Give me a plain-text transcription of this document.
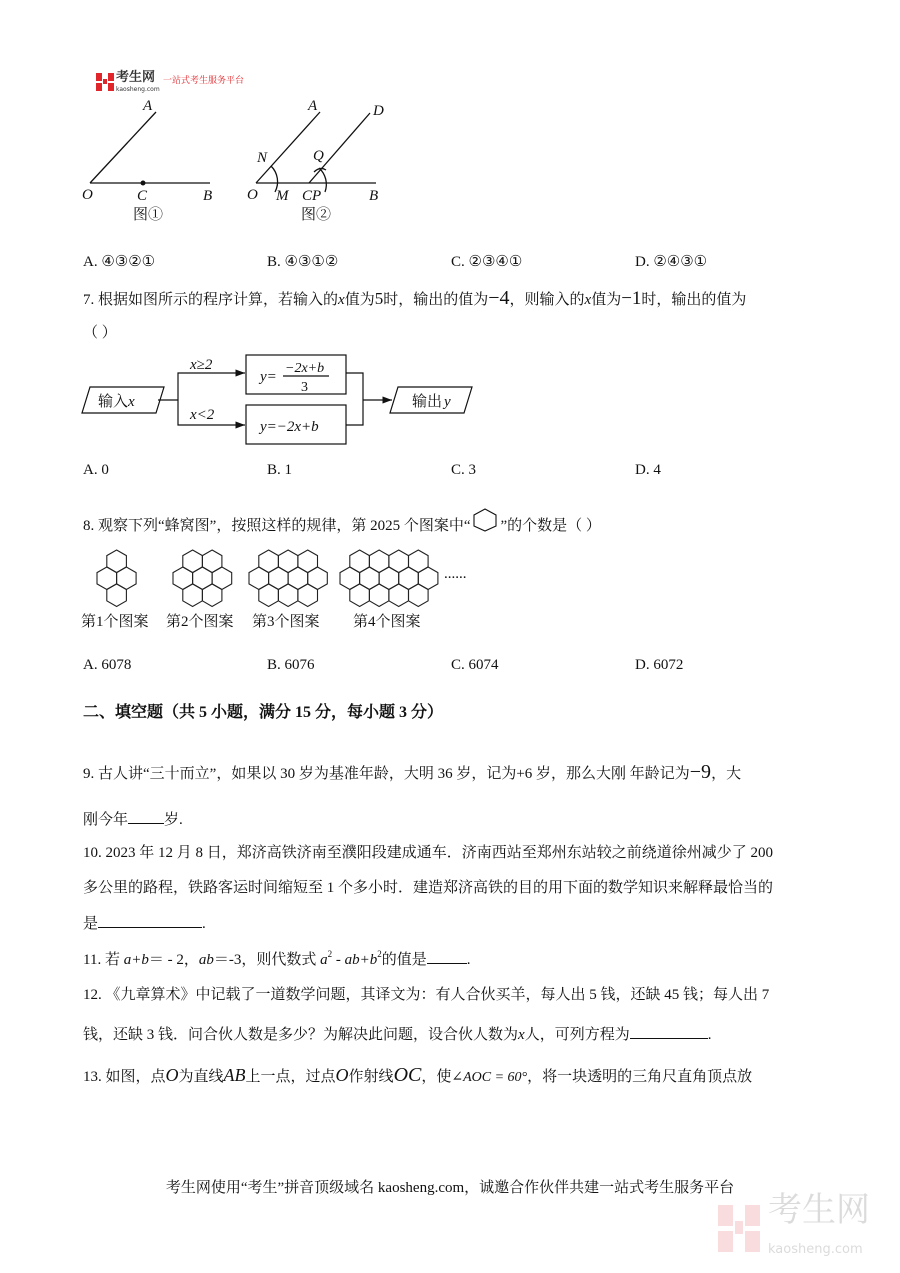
考生网
kaosheng.com
一站式考生服务平台
A
O	C	B
图①
A	D
N	Q
O M CP	B
图②
A. ④③②①	B. ④③①②	C. ②③④①	D. ②④③①
7. 根据如图所示的程序计算，若输入的x值为5时，输出的值为−4，则输入的x值为−1时，输出的值为
（ ）
输入 x
x≥2
x<2
y=
−2x+b
3
y=−2x+b
输出 y
A. 0	B. 1	C. 3	D. 4
8. 观察下列“蜂窝图”，按照这样的规律，第 2025 个图案中“ ”的个数是（ ）
......
第1个图案 第2个图案 第3个图案 第4个图案
A. 6078	B. 6076	C. 6074	D. 6072
二、填空题（共 5 小题，满分 15 分，每小题 3 分）
9. 古人讲“三十而立”，如果以 30 岁为基准年龄，大明 36 岁，记为+6 岁，那么大刚 年龄记为−9，大
刚今年 岁.
10. 2023 年 12 月 8 日，郑济高铁济南至濮阳段建成通车．济南西站至郑州东站较之前绕道徐州减少了 200
多公里的路程，铁路客运时间缩短至 1 个多小时．建造郑济高铁的目的用下面的数学知识来解释最恰当的
是	.
11. 若 a+b＝ - 2，ab＝-3，则代数式 $a^2 - ab+b^2$的值是	.
12. 《九章算术》中记载了一道数学问题，其译文为：有人合伙买羊，每人出 5 钱，还缺 45 钱；每人出 7
钱，还缺 3 钱．问合伙人数是多少？为解决此问题，设合伙人数为x人，可列方程为	.
13. 如图，点O为直线AB上一点，过点O作射线OC，使∠AOC = 60°，将一块透明的三角尺直角顶点放
考生网使用“考生”拼音顶级域名 kaosheng.com，诚邀合作伙伴共建一站式考生服务平台
考生网
kaosheng.com
